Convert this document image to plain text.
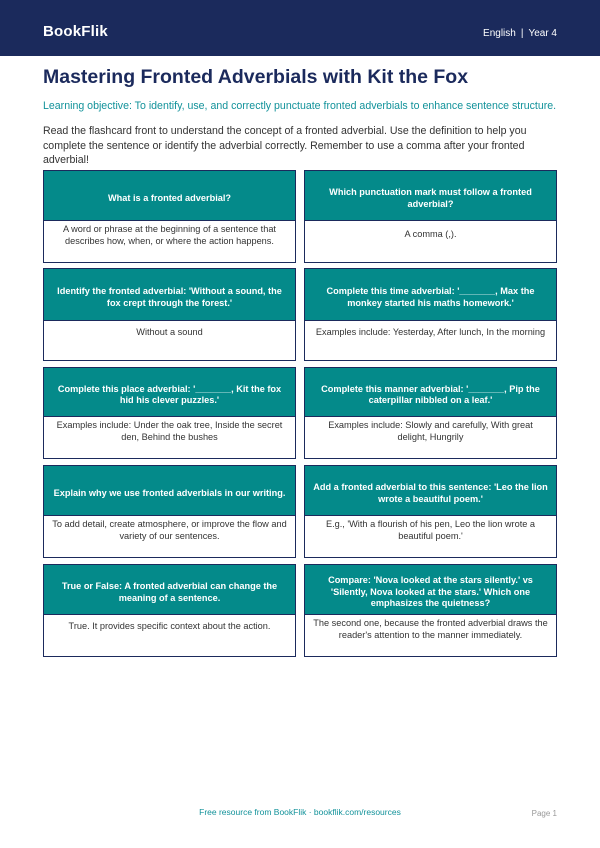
BookFlik	English | Year 4
Mastering Fronted Adverbials with Kit the Fox
Learning objective: To identify, use, and correctly punctuate fronted adverbials to enhance sentence structure.
Read the flashcard front to understand the concept of a fronted adverbial. Use the definition to help you complete the sentence or identify the adverbial correctly. Remember to use a comma after your fronted adverbial!
What is a fronted adverbial?
A word or phrase at the beginning of a sentence that describes how, when, or where the action happens.
Which punctuation mark must follow a fronted adverbial?
A comma (,).
Identify the fronted adverbial: 'Without a sound, the fox crept through the forest.'
Without a sound
Complete this time adverbial: '_______, Max the monkey started his maths homework.'
Examples include: Yesterday, After lunch, In the morning
Complete this place adverbial: '_______, Kit the fox hid his clever puzzles.'
Examples include: Under the oak tree, Inside the secret den, Behind the bushes
Complete this manner adverbial: '_______, Pip the caterpillar nibbled on a leaf.'
Examples include: Slowly and carefully, With great delight, Hungrily
Explain why we use fronted adverbials in our writing.
To add detail, create atmosphere, or improve the flow and variety of our sentences.
Add a fronted adverbial to this sentence: 'Leo the lion wrote a beautiful poem.'
E.g., 'With a flourish of his pen, Leo the lion wrote a beautiful poem.'
True or False: A fronted adverbial can change the meaning of a sentence.
True. It provides specific context about the action.
Compare: 'Nova looked at the stars silently.' vs 'Silently, Nova looked at the stars.' Which one emphasizes the quietness?
The second one, because the fronted adverbial draws the reader's attention to the manner immediately.
Free resource from BookFlik · bookflik.com/resources	Page 1
